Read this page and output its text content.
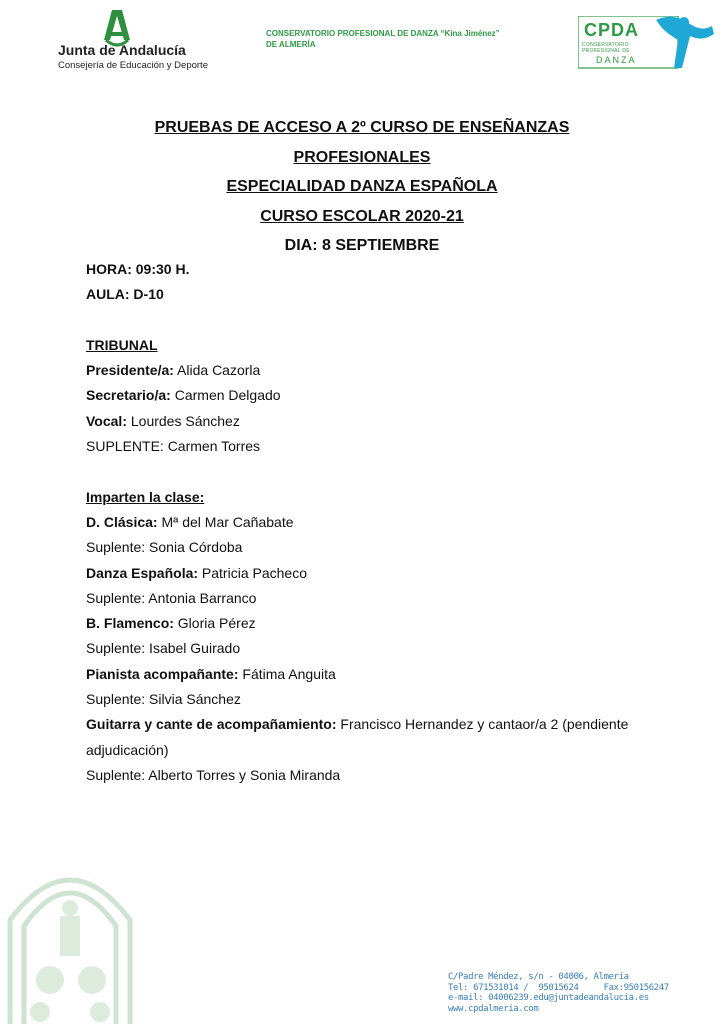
Junta de Andalucía
Consejería de Educación y Deporte
CONSERVATORIO PROFESIONAL DE DANZA “Kina Jiménez”
DE ALMERÍA
CPDA
CONSERVATORIO
PROFESIONAL DE
DANZA
PRUEBAS DE ACCESO A 2º CURSO DE ENSEÑANZAS
PROFESIONALES
ESPECIALIDAD DANZA ESPAÑOLA
CURSO ESCOLAR 2020-21
DIA: 8 SEPTIEMBRE
HORA: 09:30 H.
AULA: D-10
TRIBUNAL
Presidente/a: Alida Cazorla
Secretario/a: Carmen Delgado
Vocal: Lourdes Sánchez
SUPLENTE: Carmen Torres
Imparten la clase:
D. Clásica: Mª del Mar Cañabate
Suplente: Sonia Córdoba
Danza Española: Patricia Pacheco
Suplente: Antonia Barranco
B. Flamenco: Gloria Pérez
Suplente: Isabel Guirado
Pianista acompañante: Fátima Anguita
Suplente: Silvia Sánchez
Guitarra y cante de acompañamiento: Francisco Hernandez y cantaor/a 2 (pendiente
adjudicación)
Suplente: Alberto Torres y Sonia Miranda
C/Padre Méndez, s/n - 04006, Almería
Tel: 671531014 /  95015624     Fax:950156247
e-mail: 04006239.edu@juntadeandalucia.es
www.cpdalmeria.com
